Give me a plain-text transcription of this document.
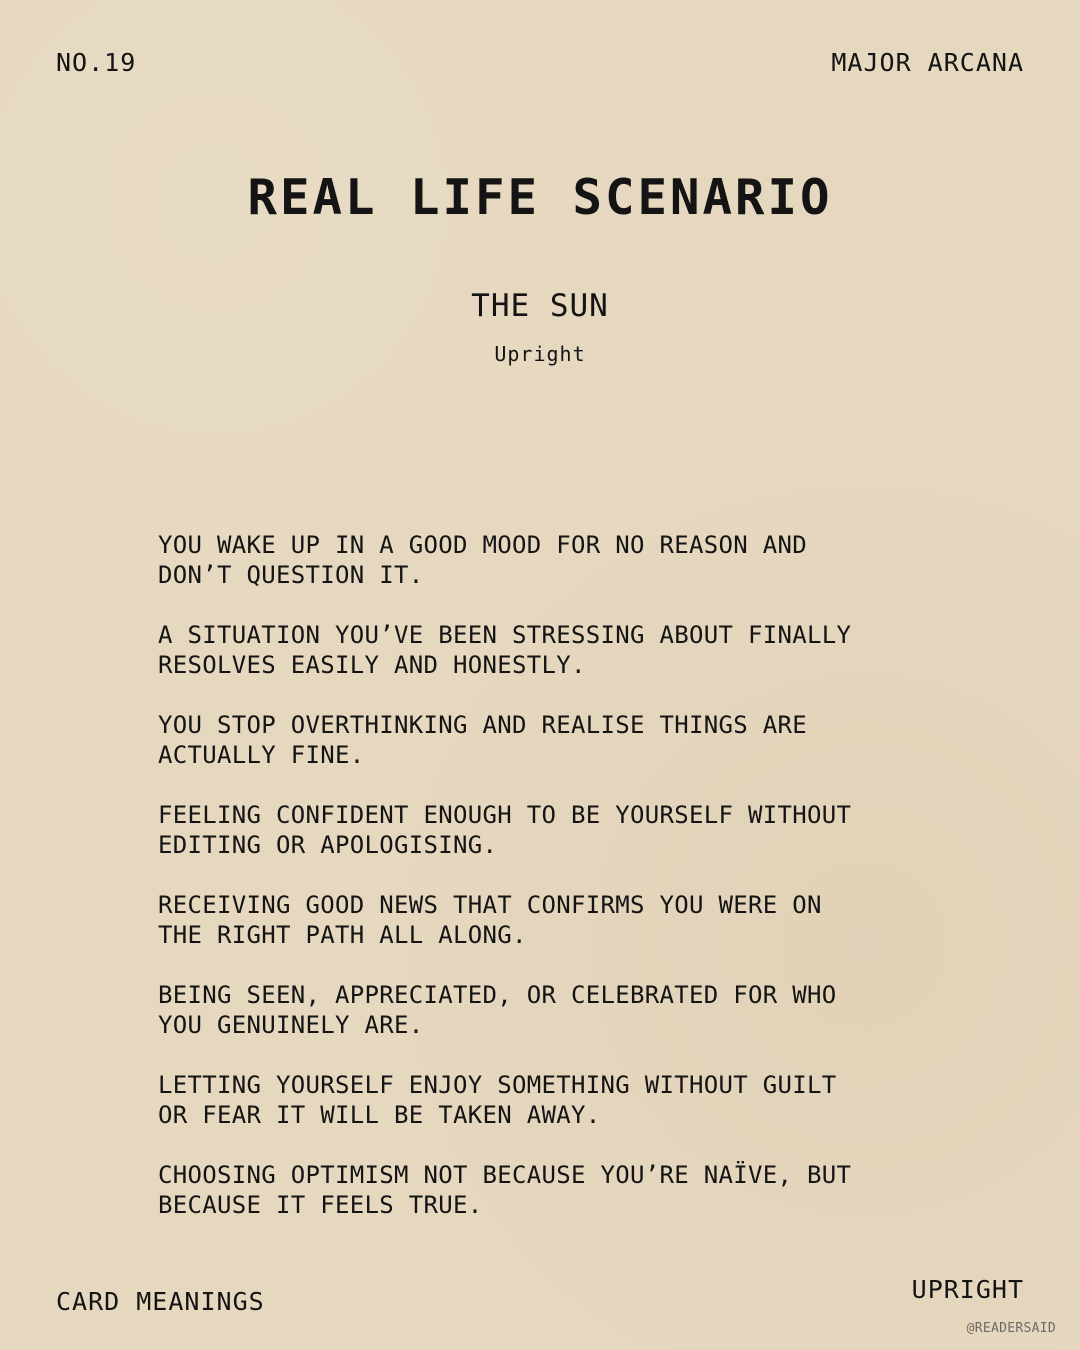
NO.19	MAJOR ARCANA
REAL LIFE SCENARIO
THE SUN
Upright
YOU WAKE UP IN A GOOD MOOD FOR NO REASON AND
DON’T QUESTION IT.
A SITUATION YOU’VE BEEN STRESSING ABOUT FINALLY
RESOLVES EASILY AND HONESTLY.
YOU STOP OVERTHINKING AND REALISE THINGS ARE
ACTUALLY FINE.
FEELING CONFIDENT ENOUGH TO BE YOURSELF WITHOUT
EDITING OR APOLOGISING.
RECEIVING GOOD NEWS THAT CONFIRMS YOU WERE ON
THE RIGHT PATH ALL ALONG.
BEING SEEN, APPRECIATED, OR CELEBRATED FOR WHO
YOU GENUINELY ARE.
LETTING YOURSELF ENJOY SOMETHING WITHOUT GUILT
OR FEAR IT WILL BE TAKEN AWAY.
CHOOSING OPTIMISM NOT BECAUSE YOU’RE NAÏVE, BUT
BECAUSE IT FEELS TRUE.
CARD MEANINGS	UPRIGHT
@READERSAID
